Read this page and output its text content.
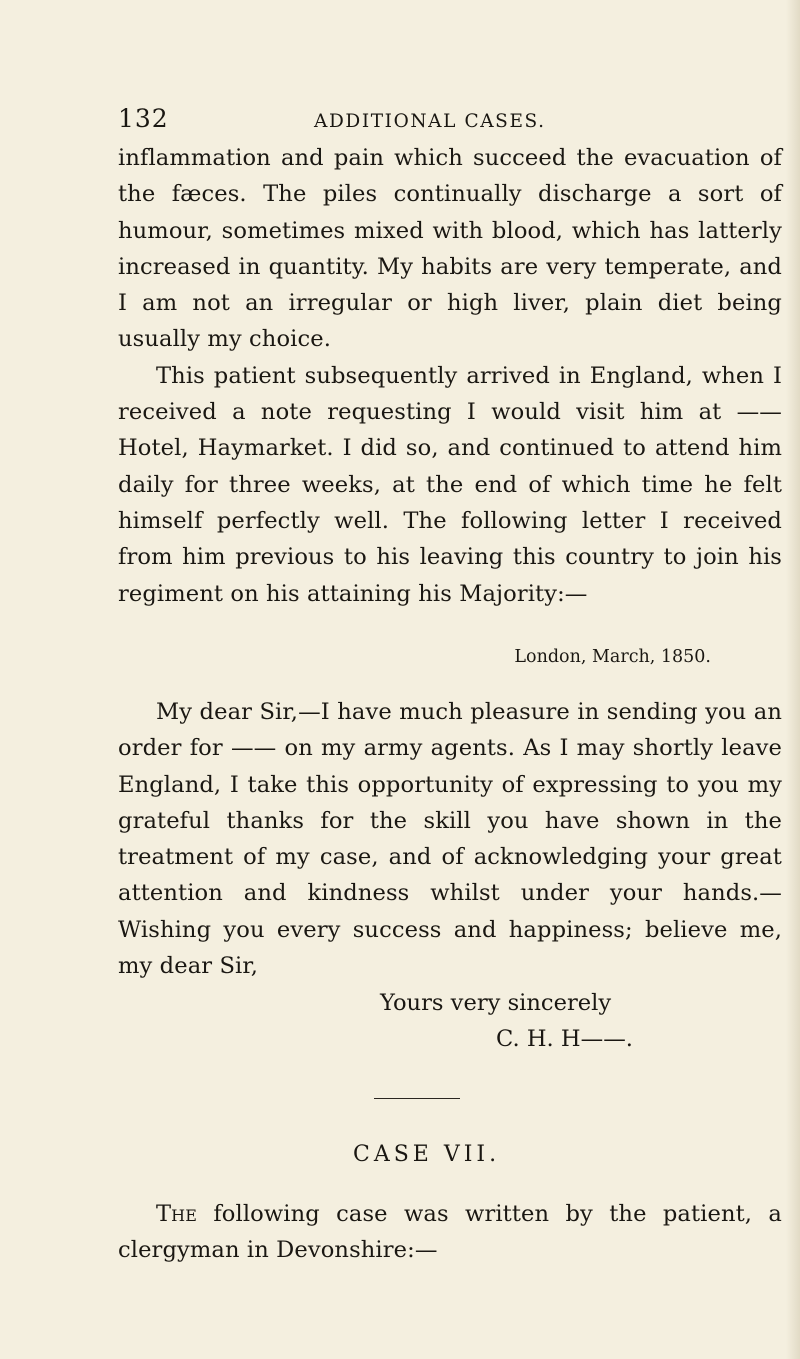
132	ADDITIONAL CASES.

inflammation and pain which succeed the evacuation of the fæces. The piles continually discharge a sort of humour, sometimes mixed with blood, which has latterly increased in quantity. My habits are very temperate, and I am not an irregular or high liver, plain diet being usually my choice.

This patient subsequently arrived in England, when I received a note requesting I would visit him at —— Hotel, Haymarket. I did so, and continued to attend him daily for three weeks, at the end of which time he felt himself perfectly well. The following letter I received from him previous to his leaving this country to join his regiment on his attaining his Majority:—

London, March, 1850.

My dear Sir,—I have much pleasure in sending you an order for —— on my army agents. As I may shortly leave England, I take this opportunity of expressing to you my grateful thanks for the skill you have shown in the treatment of my case, and of acknowledging your great attention and kindness whilst under your hands.—Wishing you every success and happiness; believe me, my dear Sir,

Yours very sincerely
C. H. H——.
CASE VII.

The following case was written by the patient, a clergyman in Devonshire:—
